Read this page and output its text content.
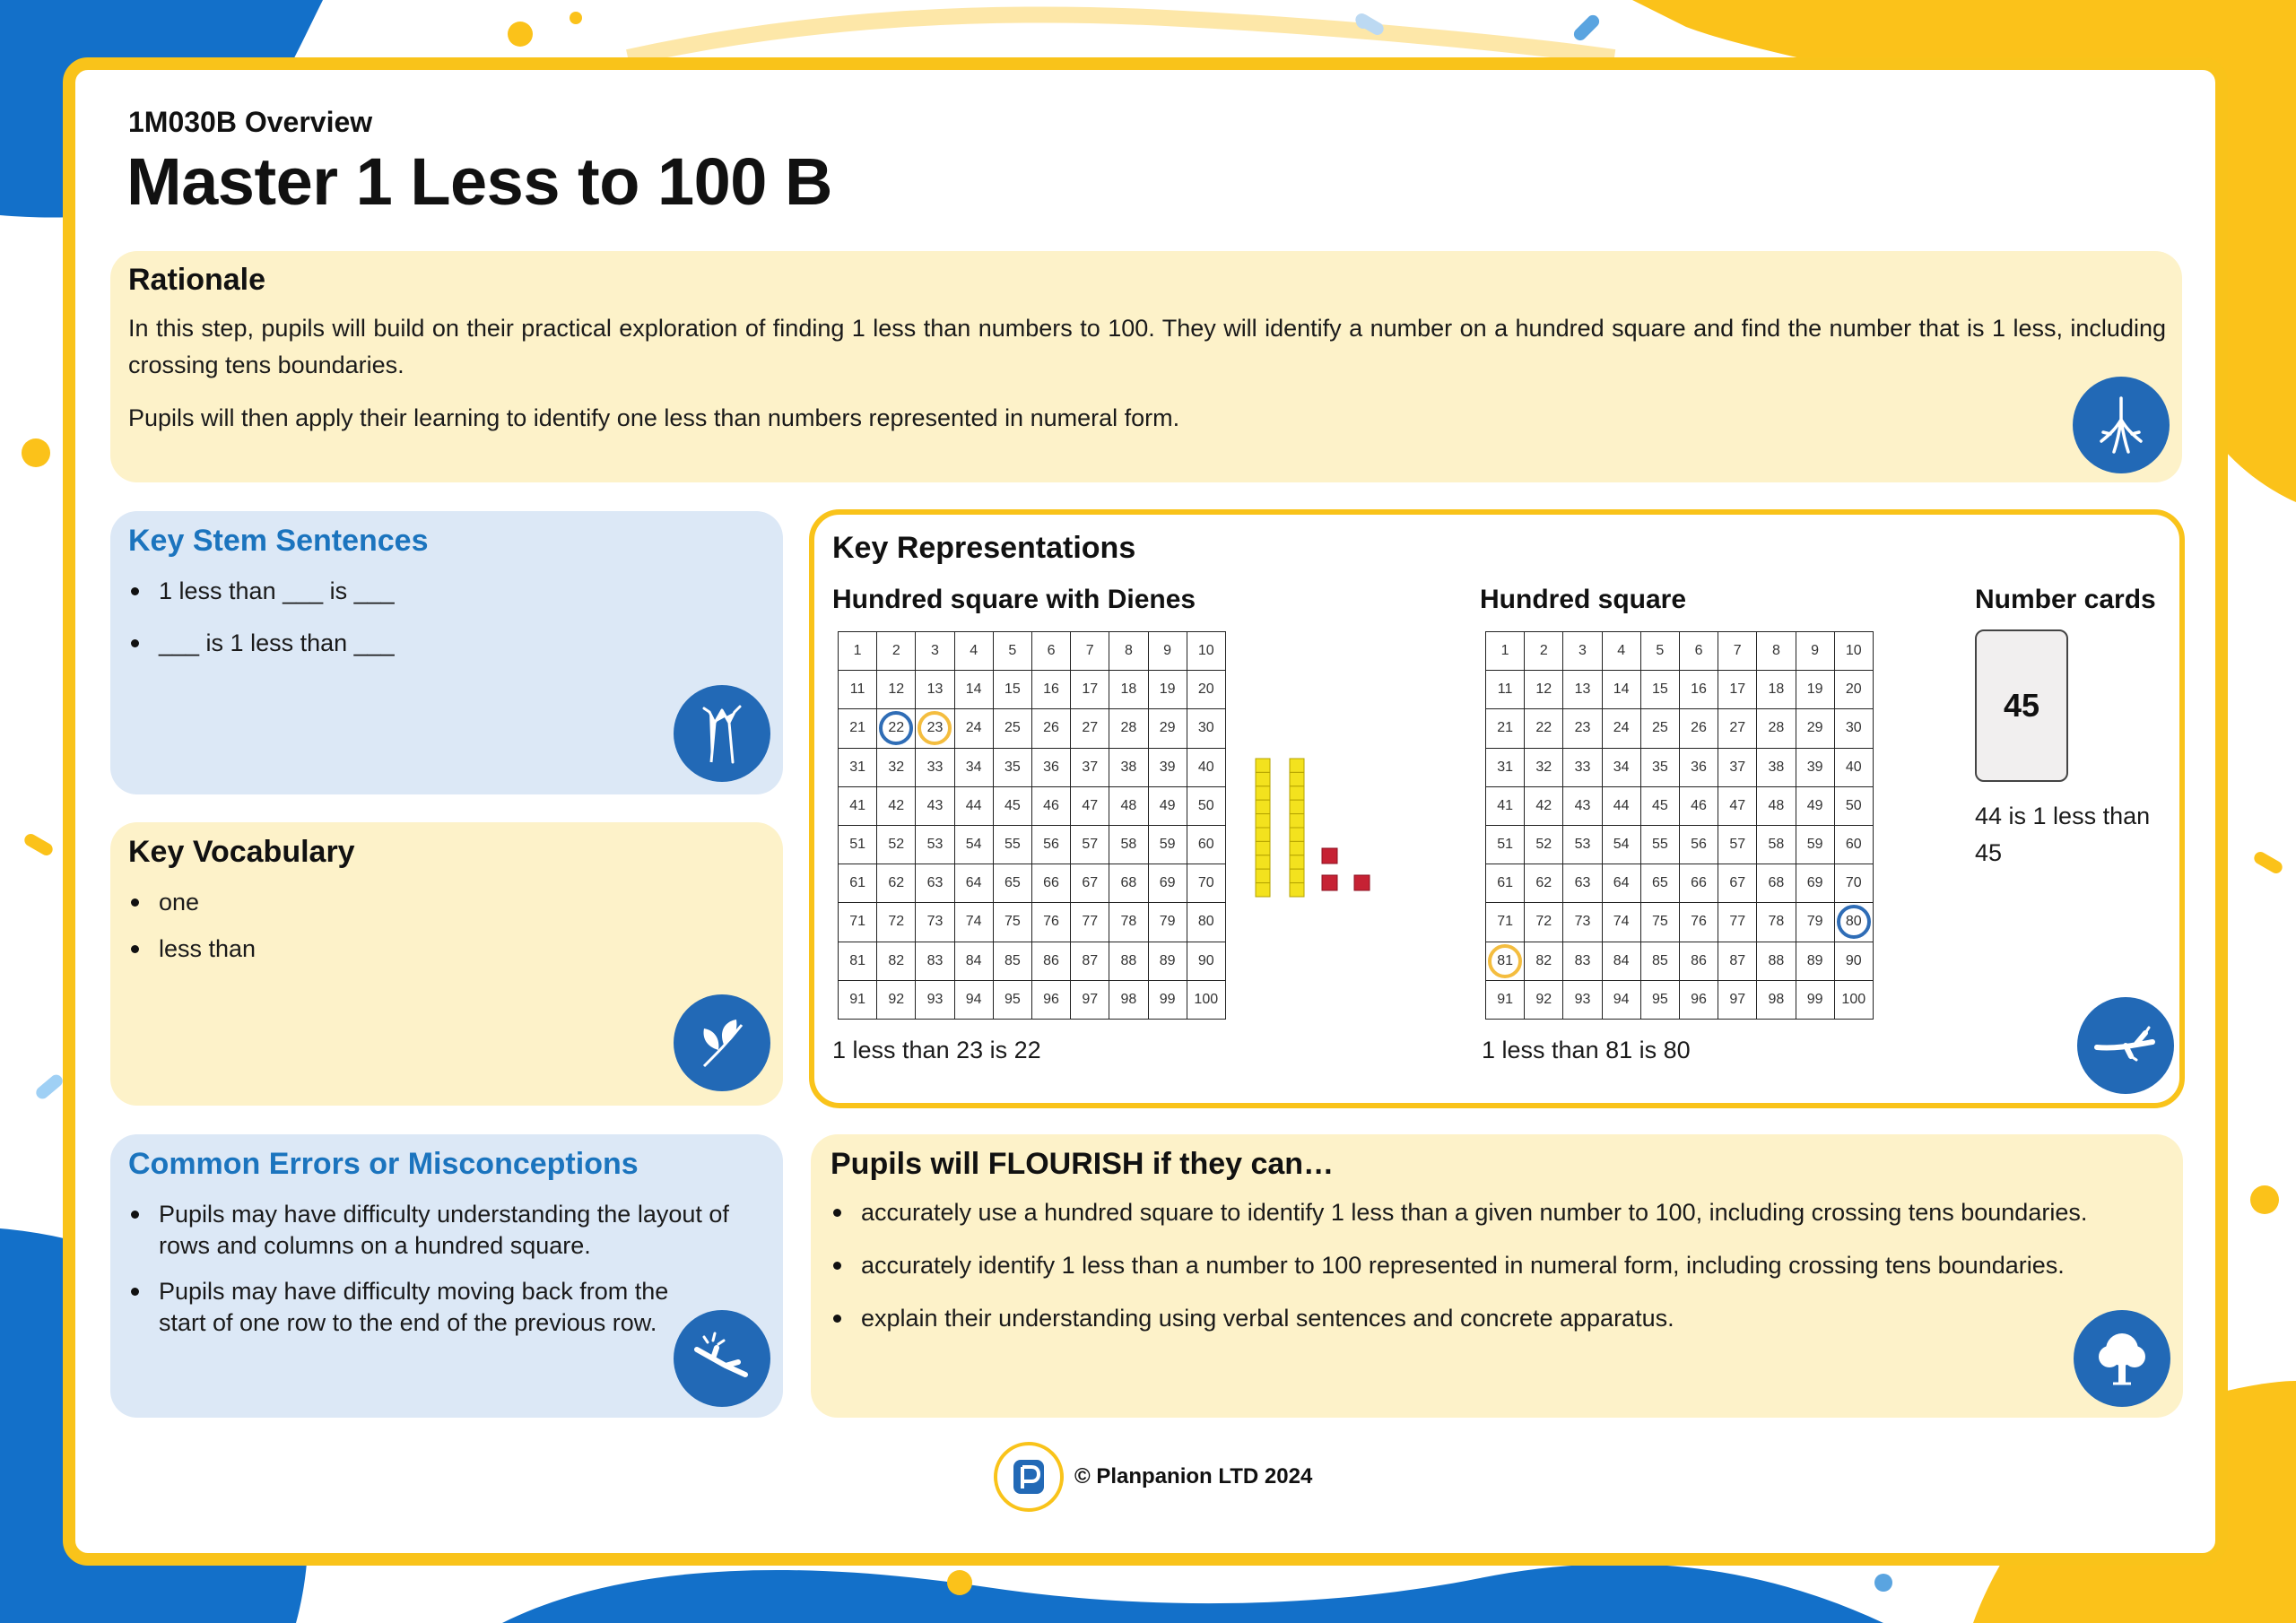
1M030B Overview
Master 1 Less to 100 B
Rationale

In this step, pupils will build on their practical exploration of finding 1 less than numbers to 100. They will identify a number on a hundred square and find the number that is 1 less, including crossing tens boundaries.

Pupils will then apply their learning to identify one less than numbers represented in numeral form.

Key Stem Sentences
1 less than ___ is ___
___ is 1 less than ___
Key Vocabulary
one
less than
Common Errors or Misconceptions
Pupils may have difficulty understanding the layout of rows and columns on a hundred square.
Pupils may have difficulty moving back from the start of one row to the end of the previous row.
Key Representations
Hundred square with Dienes	Hundred square	Number cards
1	2	3	4	5	6	7	8	9	10
11	12	13	14	15	16	17	18	19	20
21	22	23	24	25	26	27	28	29	30
31	32	33	34	35	36	37	38	39	40
41	42	43	44	45	46	47	48	49	50
51	52	53	54	55	56	57	58	59	60
61	62	63	64	65	66	67	68	69	70
71	72	73	74	75	76	77	78	79	80
81	82	83	84	85	86	87	88	89	90
91	92	93	94	95	96	97	98	99	100
1	2	3	4	5	6	7	8	9	10
11	12	13	14	15	16	17	18	19	20
21	22	23	24	25	26	27	28	29	30
31	32	33	34	35	36	37	38	39	40
41	42	43	44	45	46	47	48	49	50
51	52	53	54	55	56	57	58	59	60
61	62	63	64	65	66	67	68	69	70
71	72	73	74	75	76	77	78	79	80

81	82	83	84	85	86	87	88	89	90
91	92	93	94	95	96	97	98	99	100
1 less than 23 is 22	1 less than 81 is 80
44 is 1 less than 45
45
Pupils will FLOURISH if they can…
accurately use a hundred square to identify 1 less than a given number to 100, including crossing tens boundaries.
accurately identify 1 less than a number to 100 represented in numeral form, including crossing tens boundaries.
explain their understanding using verbal sentences and concrete apparatus.
© Planpanion LTD 2024
